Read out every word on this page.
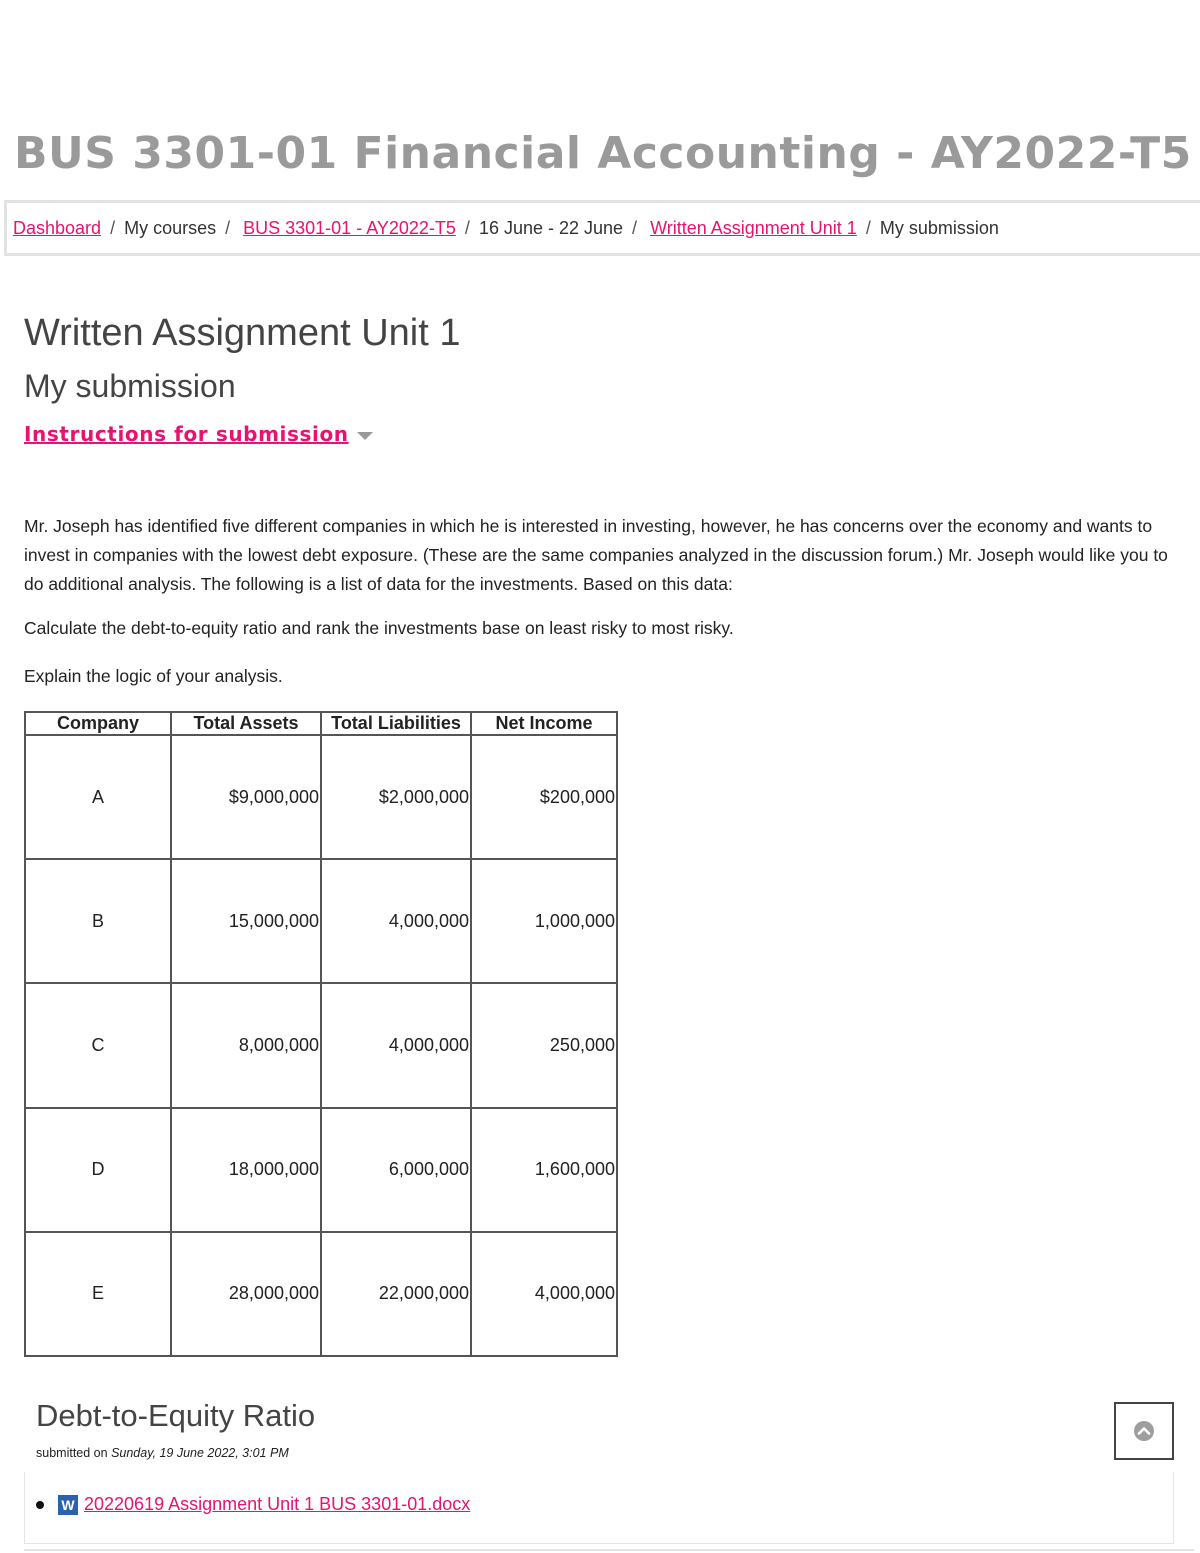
BUS 3301-01 Financial Accounting - AY2022-T5
Dashboard / My courses / BUS 3301-01 - AY2022-T5 / 16 June - 22 June / Written Assignment Unit 1 / My submission
Written Assignment Unit 1
My submission
Instructions for submission

Mr. Joseph has identified five different companies in which he is interested in investing, however, he has concerns over the economy and wants to invest in companies with the lowest debt exposure. (These are the same companies analyzed in the discussion forum.) Mr. Joseph would like you to do additional analysis. The following is a list of data for the investments. Based on this data:

Calculate the debt-to-equity ratio and rank the investments base on least risky to most risky.

Explain the logic of your analysis.

Company	Total Assets	Total Liabilities	Net Income
A	$9,000,000	$2,000,000	$200,000
B	15,000,000	4,000,000	1,000,000
C	8,000,000	4,000,000	250,000
D	18,000,000	6,000,000	1,600,000
E	28,000,000	22,000,000	4,000,000
Debt-to-Equity Ratio
submitted on Sunday, 19 June 2022, 3:01 PM
W 20220619 Assignment Unit 1 BUS 3301-01.docx
